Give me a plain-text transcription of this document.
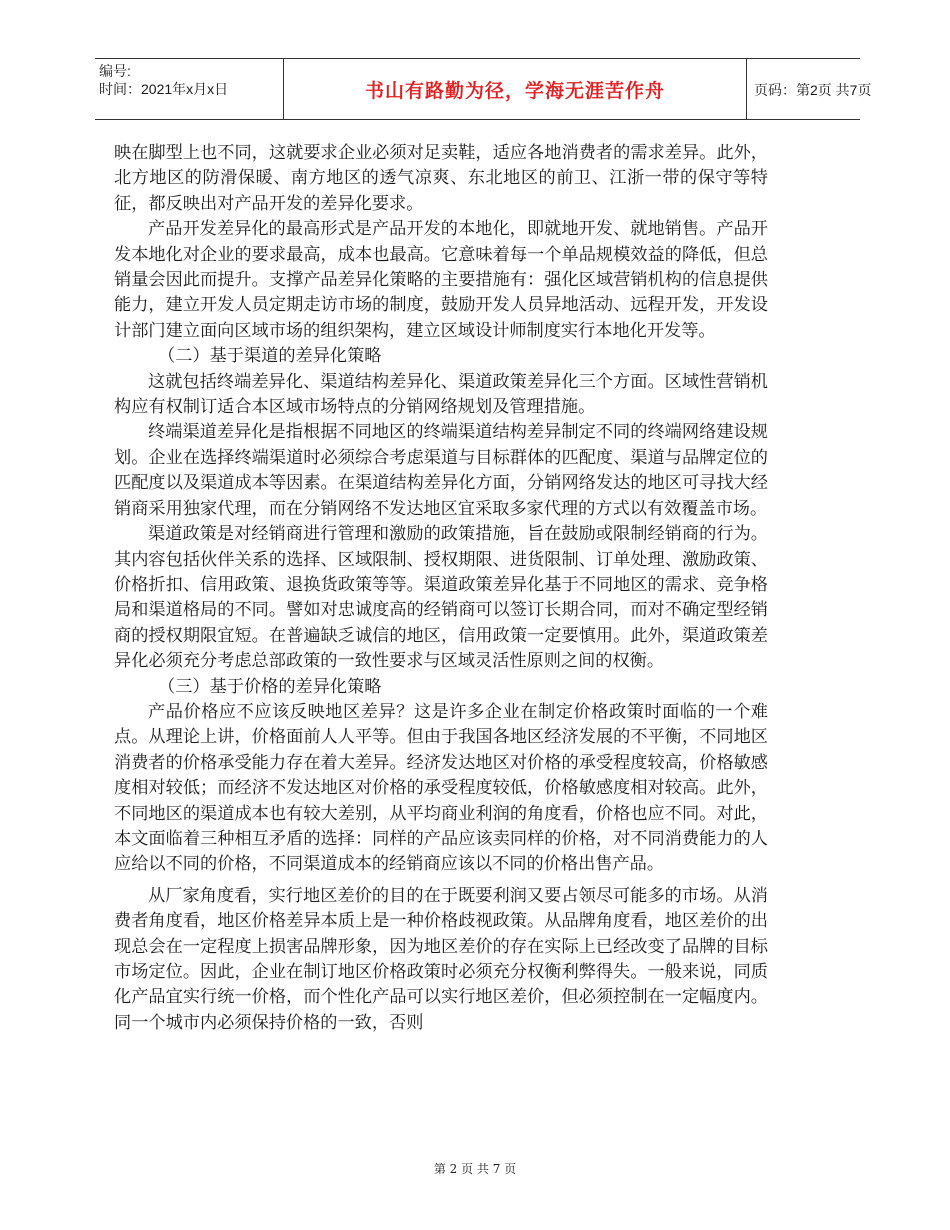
编号:
时间：2021年x月x日	书山有路勤为径，学海无涯苦作舟	页码：第2页 共7页

映在脚型上也不同，这就要求企业必须对足卖鞋，适应各地消费者的需求差异。此外，北方地区的防滑保暖、南方地区的透气凉爽、东北地区的前卫、江浙一带的保守等特征，都反映出对产品开发的差异化要求。

产品开发差异化的最高形式是产品开发的本地化，即就地开发、就地销售。产品开发本地化对企业的要求最高，成本也最高。它意味着每一个单品规模效益的降低，但总销量会因此而提升。支撑产品差异化策略的主要措施有：强化区域营销机构的信息提供能力，建立开发人员定期走访市场的制度，鼓励开发人员异地活动、远程开发，开发设计部门建立面向区域市场的组织架构，建立区域设计师制度实行本地化开发等。

（二）基于渠道的差异化策略

这就包括终端差异化、渠道结构差异化、渠道政策差异化三个方面。区域性营销机构应有权制订适合本区域市场特点的分销网络规划及管理措施。

终端渠道差异化是指根据不同地区的终端渠道结构差异制定不同的终端网络建设规划。企业在选择终端渠道时必须综合考虑渠道与目标群体的匹配度、渠道与品牌定位的匹配度以及渠道成本等因素。在渠道结构差异化方面，分销网络发达的地区可寻找大经销商采用独家代理，而在分销网络不发达地区宜采取多家代理的方式以有效覆盖市场。

渠道政策是对经销商进行管理和激励的政策措施，旨在鼓励或限制经销商的行为。其内容包括伙伴关系的选择、区域限制、授权期限、进货限制、订单处理、激励政策、价格折扣、信用政策、退换货政策等等。渠道政策差异化基于不同地区的需求、竞争格局和渠道格局的不同。譬如对忠诚度高的经销商可以签订长期合同，而对不确定型经销商的授权期限宜短。在普遍缺乏诚信的地区，信用政策一定要慎用。此外，渠道政策差异化必须充分考虑总部政策的一致性要求与区域灵活性原则之间的权衡。

（三）基于价格的差异化策略

产品价格应不应该反映地区差异？这是许多企业在制定价格政策时面临的一个难点。从理论上讲，价格面前人人平等。但由于我国各地区经济发展的不平衡，不同地区消费者的价格承受能力存在着大差异。经济发达地区对价格的承受程度较高，价格敏感度相对较低；而经济不发达地区对价格的承受程度较低，价格敏感度相对较高。此外，不同地区的渠道成本也有较大差别，从平均商业利润的角度看，价格也应不同。对此，本文面临着三种相互矛盾的选择：同样的产品应该卖同样的价格，对不同消费能力的人应给以不同的价格，不同渠道成本的经销商应该以不同的价格出售产品。

从厂家角度看，实行地区差价的目的在于既要利润又要占领尽可能多的市场。从消费者角度看，地区价格差异本质上是一种价格歧视政策。从品牌角度看，地区差价的出现总会在一定程度上损害品牌形象，因为地区差价的存在实际上已经改变了品牌的目标市场定位。因此，企业在制订地区价格政策时必须充分权衡利弊得失。一般来说，同质化产品宜实行统一价格，而个性化产品可以实行地区差价，但必须控制在一定幅度内。同一个城市内必须保持价格的一致，否则

第 2 页 共 7 页
